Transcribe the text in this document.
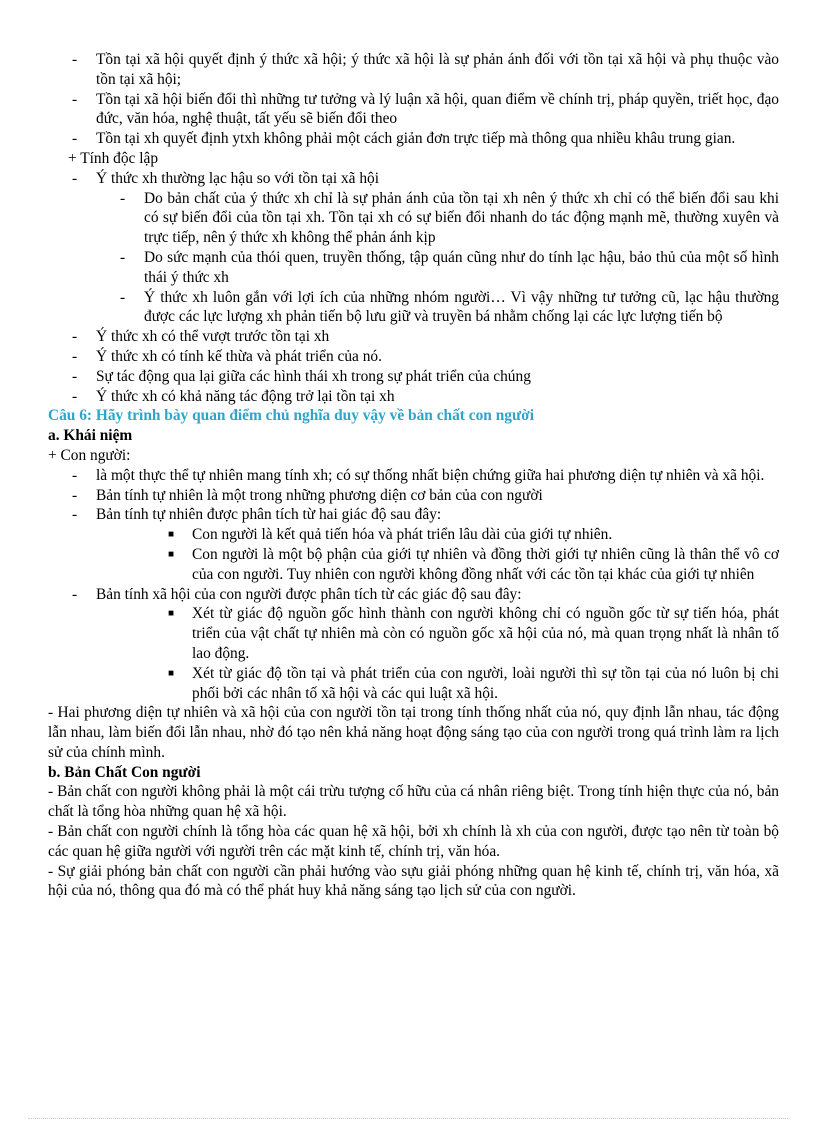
- Tồn tại xã hội quyết định ý thức xã hội; ý thức xã hội là sự phản ánh đối với tồn tại xã hội và phụ thuộc vào tồn tại xã hội;

- Tồn tại xã hội biến đổi thì những tư tưởng và lý luận xã hội, quan điểm về chính trị, pháp quyền, triết học, đạo đức, văn hóa, nghệ thuật, tất yếu sẽ biến đổi theo

- Tồn tại xh quyết định ytxh không phải một cách giản đơn trực tiếp mà thông qua nhiều khâu trung gian.

+ Tính độc lập

- Ý thức xh thường lạc hậu so với tồn tại xã hội

- Do bản chất của ý thức xh chỉ là sự phản ánh của tồn tại xh nên ý thức xh chỉ có thể biến đổi sau khi có sự biến đổi của tồn tại xh. Tồn tại xh có sự biến đổi nhanh do tác động mạnh mẽ, thường xuyên và trực tiếp, nên ý thức xh không thể phản ánh kịp

- Do sức mạnh của thói quen, truyền thống, tập quán cũng như do tính lạc hậu, bảo thủ của một số hình thái ý thức xh

- Ý thức xh luôn gắn với lợi ích của những nhóm người… Vì vậy những tư tưởng cũ, lạc hậu thường được các lực lượng xh phản tiến bộ lưu giữ và truyền bá nhằm chống lại các lực lượng tiến bộ

- Ý thức xh có thể vượt trước tồn tại xh

- Ý thức xh có tính kế thừa và phát triển của nó.

- Sự tác động qua lại giữa các hình thái xh trong sự phát triển của chúng

- Ý thức xh có khả năng tác động trở lại tồn tại xh

Câu 6: Hãy trình bày quan điểm chủ nghĩa duy vậy về bản chất con người

a. Khái niệm

+ Con người:

- là một thực thể tự nhiên mang tính xh; có sự thống nhất biện chứng giữa hai phương diện tự nhiên và xã hội.

- Bản tính tự nhiên là một trong những phương diện cơ bản của con người

- Bản tính tự nhiên được phân tích từ hai giác độ sau đây:

■ Con người là kết quả tiến hóa và phát triển lâu dài của giới tự nhiên.

■ Con người là một bộ phận của giới tự nhiên và đồng thời giới tự nhiên cũng là thân thể vô cơ của con người. Tuy nhiên con người không đồng nhất với các tồn tại khác của giới tự nhiên

- Bản tính xã hội của con người được phân tích từ các giác độ sau đây:

■ Xét từ giác độ nguồn gốc hình thành con người không chỉ có nguồn gốc từ sự tiến hóa, phát triển của vật chất tự nhiên mà còn có nguồn gốc xã hội của nó, mà quan trọng nhất là nhân tố lao động.

■ Xét từ giác độ tồn tại và phát triển của con người, loài người thì sự tồn tại của nó luôn bị chi phối bởi các nhân tố xã hội và các qui luật xã hội.

- Hai phương diện tự nhiên và xã hội của con người tồn tại trong tính thống nhất của nó, quy định lẫn nhau, tác động lẫn nhau, làm biến đổi lẫn nhau, nhờ đó tạo nên khả năng hoạt động sáng tạo của con người trong quá trình làm ra lịch sử của chính mình.

b. Bản Chất Con người

- Bản chất con người không phải là một cái trừu tượng cố hữu của cá nhân riêng biệt. Trong tính hiện thực của nó, bản chất là tổng hòa những quan hệ xã hội.

- Bản chất con người chính là tổng hòa các quan hệ xã hội, bởi xh chính là xh của con người, được tạo nên từ toàn bộ các quan hệ giữa người với người trên các mặt kinh tế, chính trị, văn hóa.

- Sự giải phóng bản chất con người cần phải hướng vào sựu giải phóng những quan hệ kinh tế, chính trị, văn hóa, xã hội của nó, thông qua đó mà có thể phát huy khả năng sáng tạo lịch sử của con người.
